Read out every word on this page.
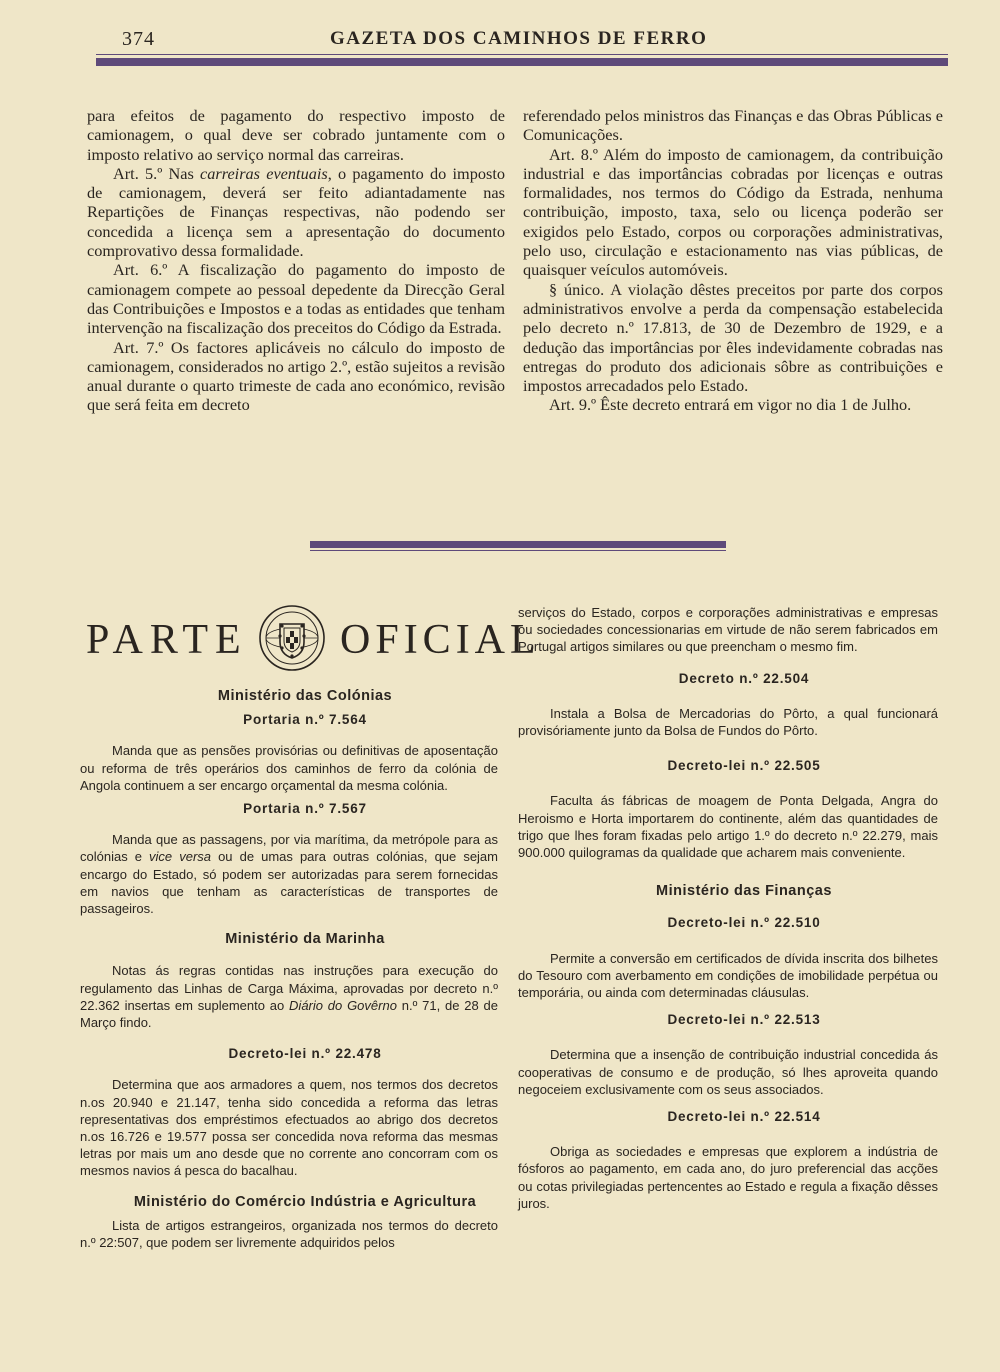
374	GAZETA DOS CAMINHOS DE FERRO

para efeitos de pagamento do respectivo imposto de camionagem, o qual deve ser cobrado juntamente com o imposto relativo ao serviço normal das carreiras.

Art. 5.º Nas carreiras eventuais, o pagamento do imposto de camionagem, deverá ser feito adiantadamente nas Repartições de Finanças respectivas, não podendo ser concedida a licença sem a apresentação do documento comprovativo dessa formalidade.

Art. 6.º A fiscalização do pagamento do imposto de camionagem compete ao pessoal depedente da Direcção Geral das Contribuições e Impostos e a todas as entidades que tenham intervenção na fiscalização dos preceitos do Código da Estrada.

Art. 7.º Os factores aplicáveis no cálculo do imposto de camionagem, considerados no artigo 2.º, estão sujeitos a revisão anual durante o quarto trimeste de cada ano económico, revisão que será feita em decreto

referendado pelos ministros das Finanças e das Obras Públicas e Comunicações.

Art. 8.º Além do imposto de camionagem, da contribuição industrial e das importâncias cobradas por licenças e outras formalidades, nos termos do Código da Estrada, nenhuma contribuição, imposto, taxa, selo ou licença poderão ser exigidos pelo Estado, corpos ou corporações administrativas, pelo uso, circulação e estacionamento nas vias públicas, de quaisquer veículos automóveis.

§ único. A violação dêstes preceitos por parte dos corpos administrativos envolve a perda da compensação estabelecida pelo decreto n.º 17.813, de 30 de Dezembro de 1929, e a dedução das importâncias por êles indevidamente cobradas nas entregas do produto dos adicionais sôbre as contribuições e impostos arrecadados pelo Estado.

Art. 9.º Êste decreto entrará em vigor no dia 1 de Julho.

PARTE OFICIAL

Ministério das Colónias

Portaria n.º 7.564

Manda que as pensões provisórias ou definitivas de aposentação ou reforma de três operários dos caminhos de ferro da colónia de Angola continuem a ser encargo orçamental da mesma colónia.

Portaria n.º 7.567

Manda que as passagens, por via marítima, da metrópole para as colónias e vice versa ou de umas para outras colónias, que sejam encargo do Estado, só podem ser autorizadas para serem fornecidas em navios que tenham as características de transportes de passageiros.

Ministério da Marinha

Notas ás regras contidas nas instruções para execução do regulamento das Linhas de Carga Máxima, aprovadas por decreto n.º 22.362 insertas em suplemento ao Diário do Govêrno n.º 71, de 28 de Março findo.

Decreto-lei n.º 22.478

Determina que aos armadores a quem, nos termos dos decretos n.os 20.940 e 21.147, tenha sido concedida a reforma das letras representativas dos empréstimos efectuados ao abrigo dos decretos n.os 16.726 e 19.577 possa ser concedida nova reforma das mesmas letras por mais um ano desde que no corrente ano concorram com os mesmos navios á pesca do bacalhau.

Ministério do Comércio Indústria e Agricultura

Lista de artigos estrangeiros, organizada nos termos do decreto n.º 22:507, que podem ser livremente adquiridos pelos

serviços do Estado, corpos e corporações administrativas e empresas ou sociedades concessionarias em virtude de não serem fabricados em Portugal artigos similares ou que preencham o mesmo fim.

Decreto n.º 22.504

Instala a Bolsa de Mercadorias do Pôrto, a qual funcionará provisóriamente junto da Bolsa de Fundos do Pôrto.

Decreto-lei n.º 22.505

Faculta ás fábricas de moagem de Ponta Delgada, Angra do Heroismo e Horta importarem do continente, além das quantidades de trigo que lhes foram fixadas pelo artigo 1.º do decreto n.º 22.279, mais 900.000 quilogramas da qualidade que acharem mais conveniente.

Ministério das Finanças

Decreto-lei n.º 22.510

Permite a conversão em certificados de dívida inscrita dos bilhetes do Tesouro com averbamento em condições de imobilidade perpétua ou temporária, ou ainda com determinadas cláusulas.

Decreto-lei n.º 22.513

Determina que a insenção de contribuição industrial concedida ás cooperativas de consumo e de produção, só lhes aproveita quando negoceiem exclusivamente com os seus associados.

Decreto-lei n.º 22.514

Obriga as sociedades e empresas que explorem a indústria de fósforos ao pagamento, em cada ano, do juro preferencial das acções ou cotas privilegiadas pertencentes ao Estado e regula a fixação dêsses juros.
